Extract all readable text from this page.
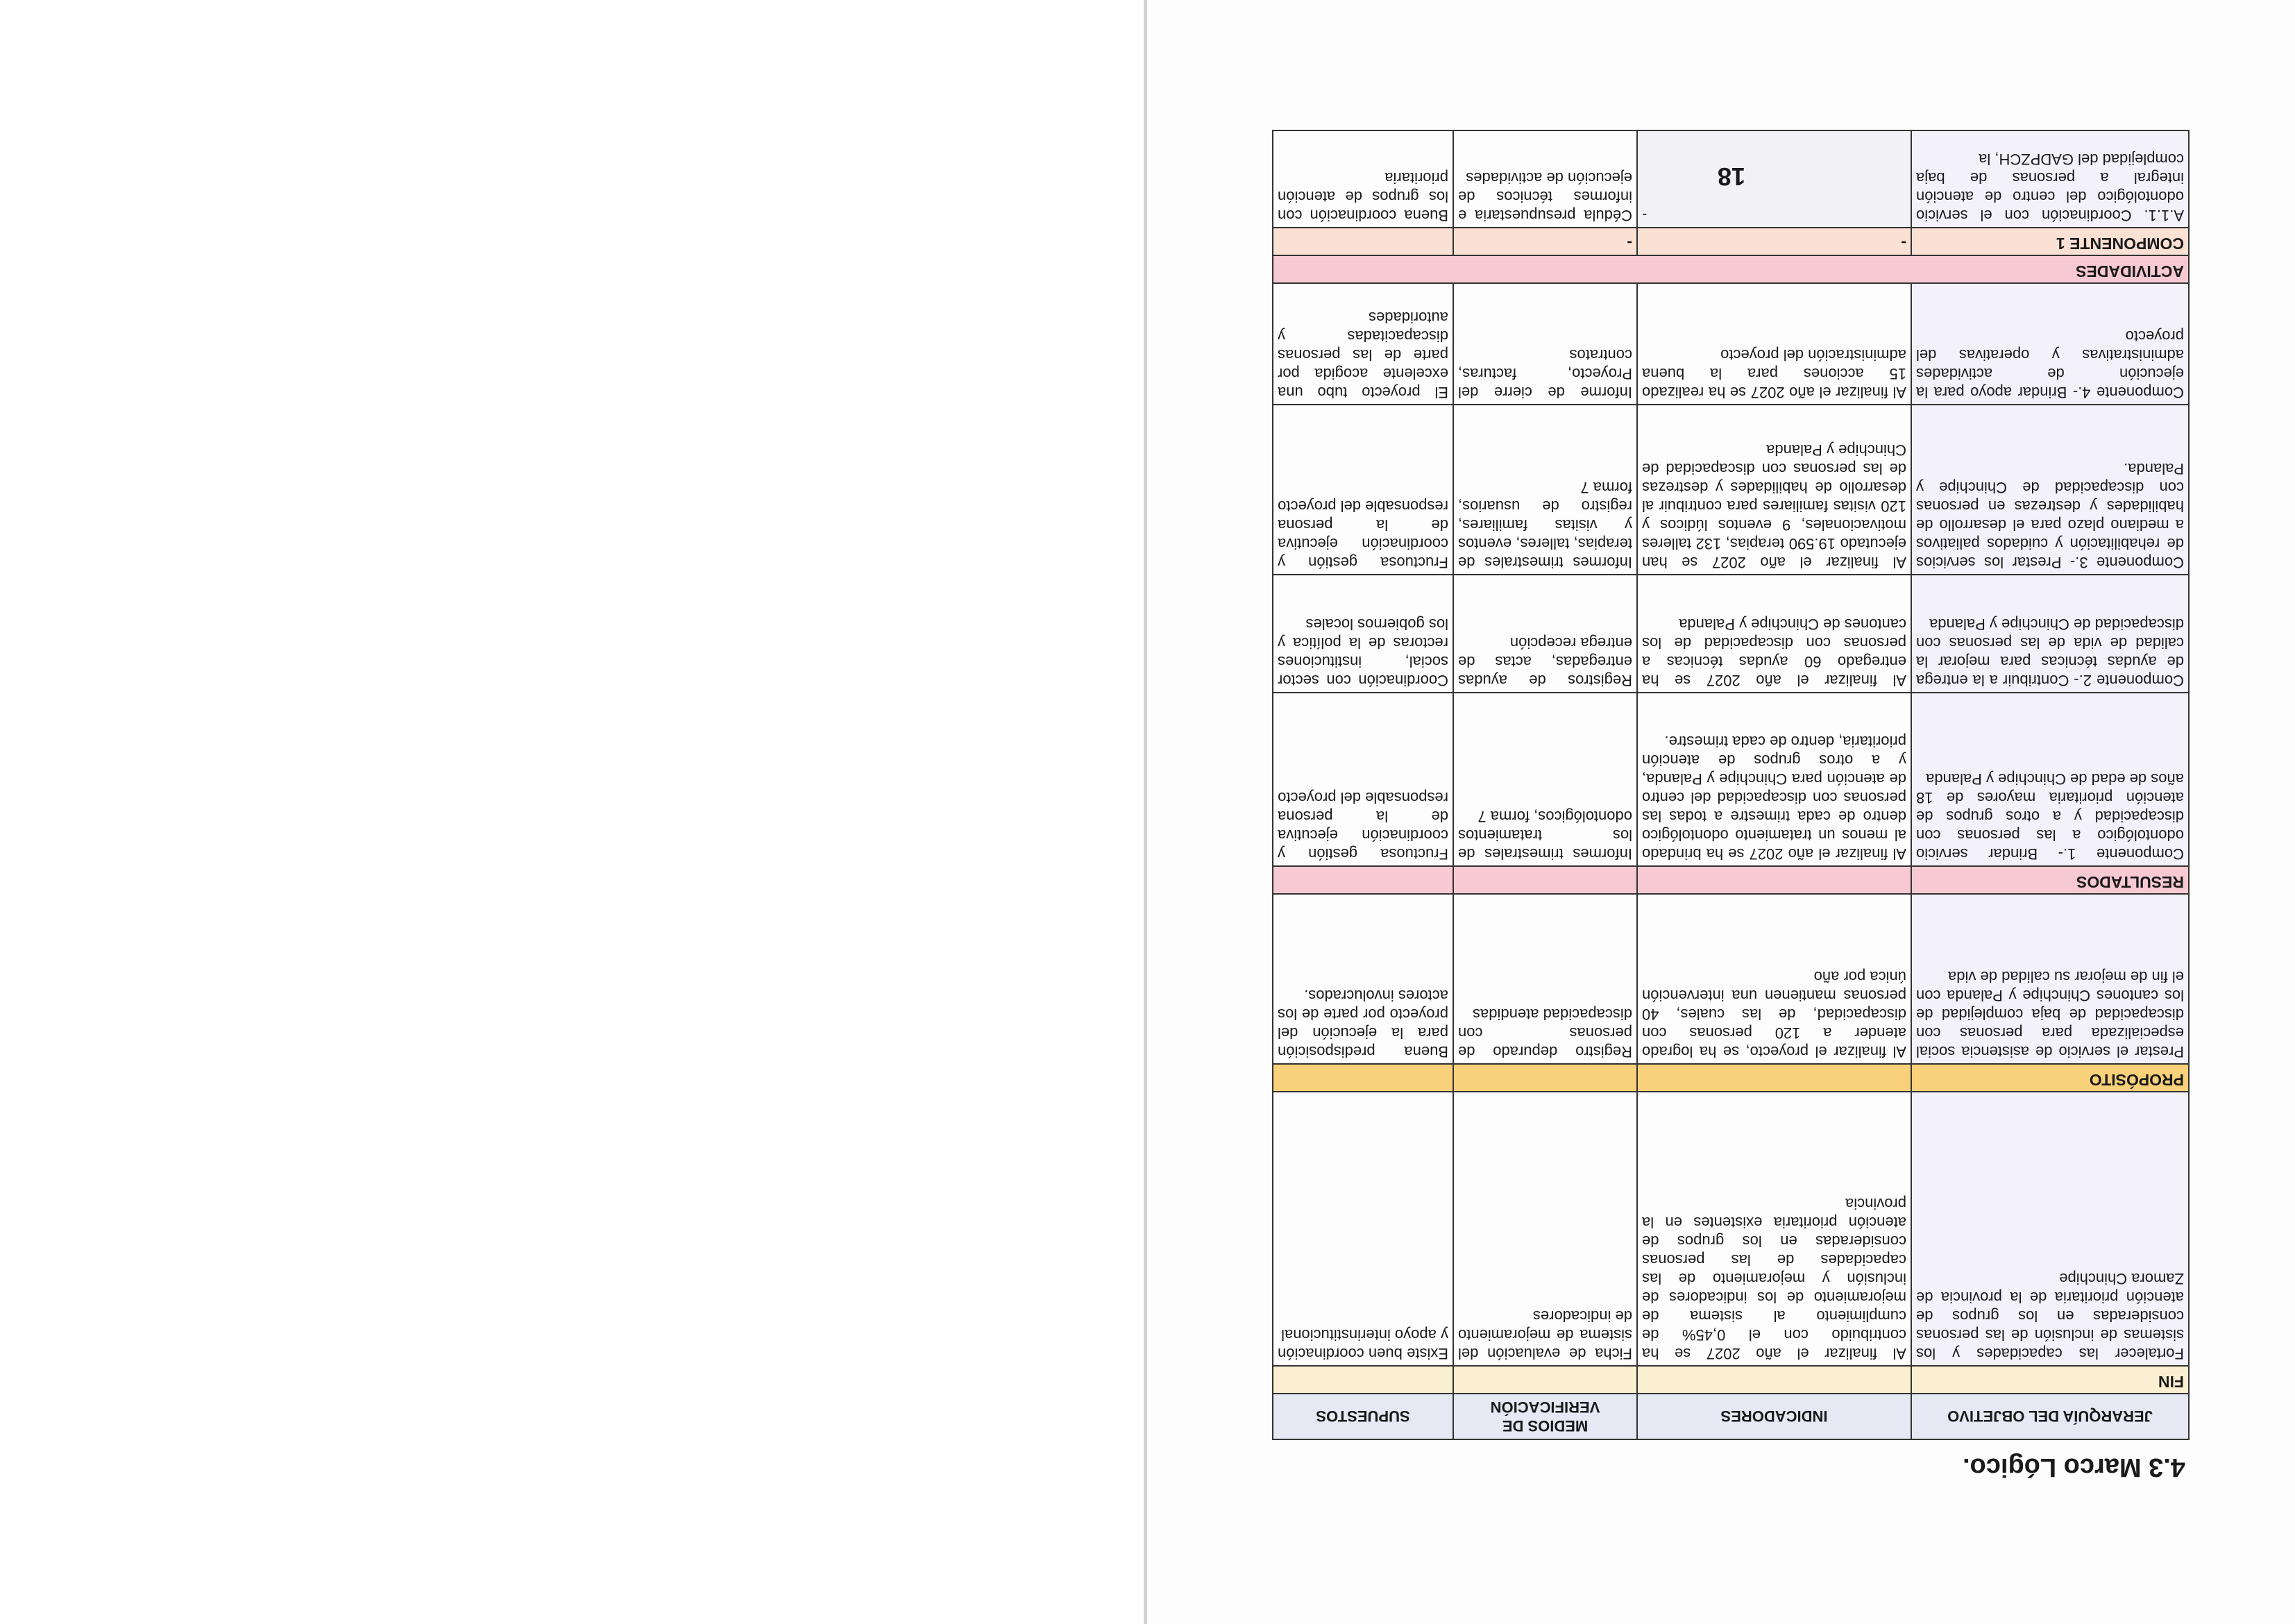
4.3 Marco Lógico.
JERARQUÍA DEL OBJETIVO	INDICADORES	MEDIOS DE VERIFICACIÓN	SUPUESTOS
FIN			
Fortalecer las capacidades y los sistemas de inclusión de las personas consideradas en los grupos de atención prioritaria de la provincia de Zamora Chinchipe	Al finalizar el año 2027 se ha contribuido con el 0,45% de cumplimiento al sistema de mejoramiento de los indicadores de inclusión y mejoramiento de las capacidades de las personas consideradas en los grupos de atención prioritaria existentes en la provincia	Ficha de evaluación del sistema de mejoramiento de indicadores	Existe buen coordinación y apoyo interinstitucional
PROPÓSITO			
Prestar el servicio de asistencia social especializada para personas con discapacidad de baja complejidad de los cantones Chinchipe y Palanda con el fin de mejorar su calidad de vida	Al finalizar el proyecto, se ha logrado atender a 120 personas con discapacidad, de las cuales, 40 personas mantienen una intervención única por año	Registro depurado de personas con discapacidad atendidas	Buena predisposición para la ejecución del proyecto por parte de los actores involucrados.
RESULTADOS			
Componente 1.- Brindar servicio odontológico a las personas con discapacidad y a otros grupos de atención prioritaria mayores de 18 años de edad de Chinchipe y Palanda	Al finalizar el año 2027 se ha brindado al menos un tratamiento odontológico dentro de cada trimestre a todas las personas con discapacidad del centro de atención para Chinchipe y Palanda, y a otros grupos de atención prioritaria, dentro de cada trimestre.	Informes trimestrales de los tratamientos odontológicos, forma 7	Fructuosa gestión y coordinación ejecutiva de la persona responsable del proyecto
Componente 2.- Contribuir a la entrega de ayudas técnicas para mejorar la calidad de vida de las personas con discapacidad de Chinchipe y Palanda	Al finalizar el año 2027 se ha entregado 60 ayudas técnicas a personas con discapacidad de los cantones de Chinchipe y Palanda	Registros de ayudas entregadas, actas de entrega recepción	Coordinación con sector social, instituciones rectoras de la política y los gobiernos locales
Componente 3.- Prestar los servicios de rehabilitación y cuidados paliativos a mediano plazo para el desarrollo de habilidades y destrezas en personas con discapacidad de Chinchipe y Palanda.	Al finalizar el año 2027 se han ejecutado 19.590 terapias, 132 talleres motivacionales, 9 eventos lúdicos y 120 visitas familiares para contribuir al desarrollo de habilidades y destrezas de las personas con discapacidad de Chinchipe y Palanda	Informes trimestrales de terapias, talleres, eventos y visitas familiares, registro de usuarios, forma 7	Fructuosa gestión y coordinación ejecutiva de la persona responsable del proyecto
Componente 4.- Brindar apoyo para la ejecución de actividades administrativas y operativas del proyecto	Al finalizar el año 2027 se ha realizado 15 acciones para la buena administración del proyecto	Informe de cierre del Proyecto, facturas, contratos	El proyecto tubo una excelente acogida por parte de las personas discapacitadas y autoridades
ACTIVIDADES			
COMPONENTE 1	-	-	
A.1.1. Coordinación con el servicio odontológico del centro de atención integral a personas de baja complejidad del GADPZCH, la	-	Cédula presupuestaria e informes técnicos de ejecución de actividades	Buena coordinación con los grupos de atención prioritaria	18
